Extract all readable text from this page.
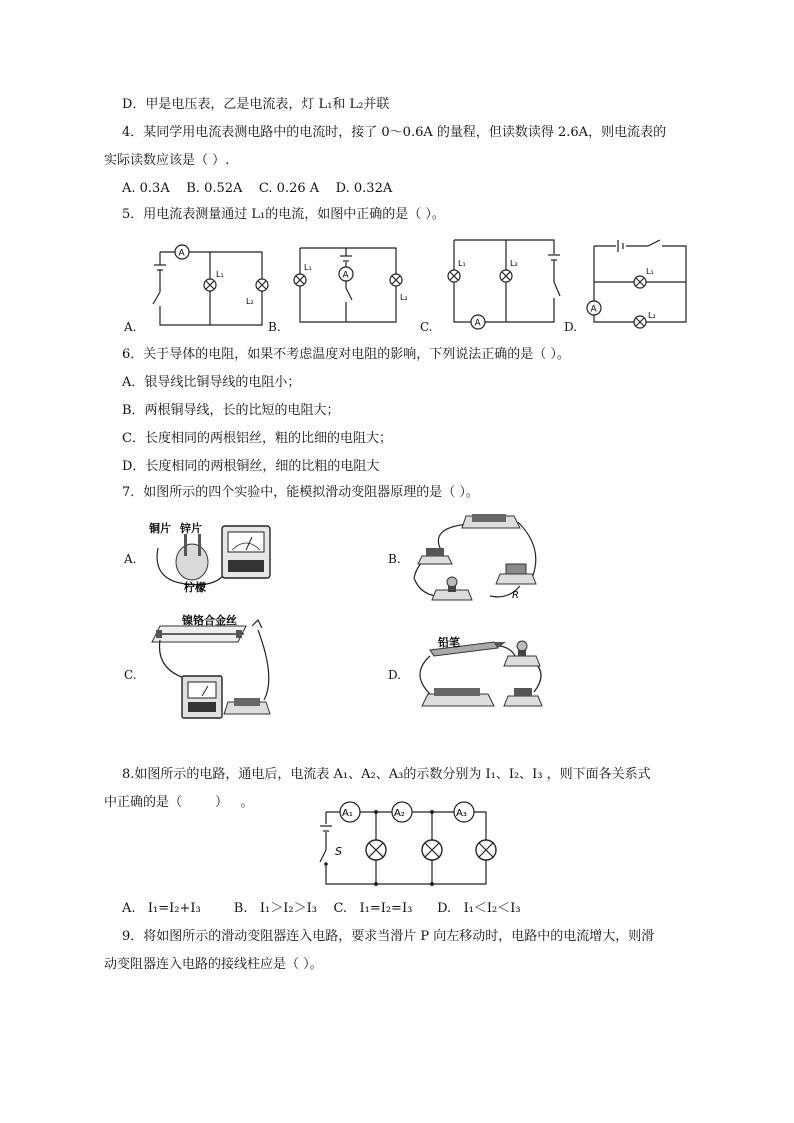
D．甲是电压表，乙是电流表，灯 L₁和 L₂并联
4．某同学用电流表测电路中的电流时，接了 0～0.6A 的量程，但读数读得 2.6A，则电流表的
实际读数应该是（ ）.
A. 0.3A    B. 0.52A    C. 0.26 A    D. 0.32A
5．用电流表测量通过 L₁的电流，如图中正确的是（ ）。
A
L₁
L₂
A.
A
L₁
L₂
B.	A
L₁	L₂
C.
A
L₁
L₂
D.
6．关于导体的电阻，如果不考虑温度对电阻的影响，下列说法正确的是（ ）。
A．银导线比铜导线的电阻小；
B．两根铜导线，长的比短的电阻大；
C．长度相同的两根铝丝，粗的比细的电阻大；
D．长度相同的两根铜丝，细的比粗的电阻大
7．如图所示的四个实验中，能模拟滑动变阻器原理的是（ ）。
铜片 锌片
柠檬
A.
R
B.
镍铬合金丝
C.
铅笔
D.
8.如图所示的电路，通电后，电流表 A₁、A₂、A₃的示数分别为 I₁、I₂、I₃ ，则下面各关系式
中正确的是（        ）   。
S
A₁	A₂	A₃
A.   I₁=I₂+I₃        B.   I₁＞I₂＞I₃    C.   I₁=I₂=I₃      D.   I₁＜I₂＜I₃
9．将如图所示的滑动变阻器连入电路，要求当滑片 P 向左移动时，电路中的电流增大，则滑
动变阻器连入电路的接线柱应是（ ）。
